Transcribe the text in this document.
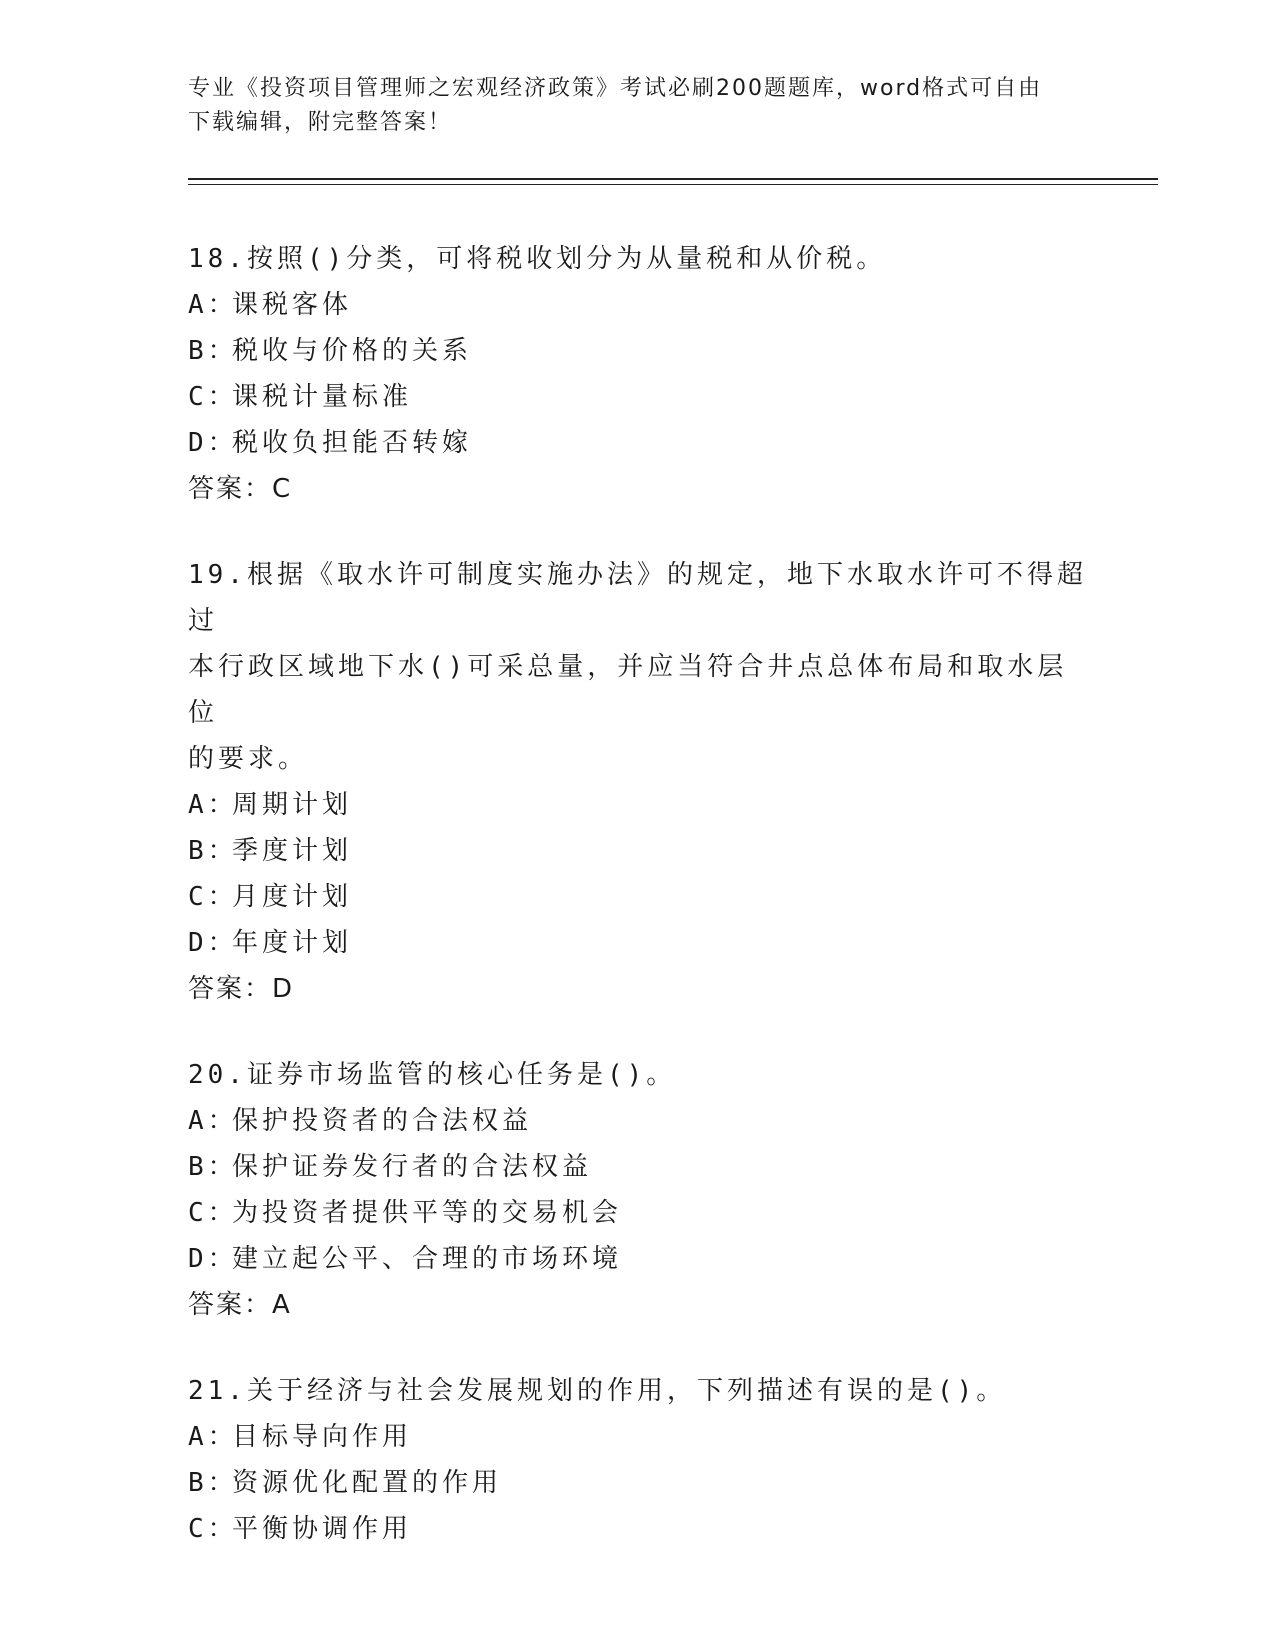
专业《投资项目管理师之宏观经济政策》考试必刷200题题库，word格式可自由
下载编辑，附完整答案！
18.按照()分类，可将税收划分为从量税和从价税。
A：
课税客体
B：
税收与价格的关系
C：
课税计量标准
D：
税收负担能否转嫁
答案：C
19.根据《取水许可制度实施办法》的规定，地下水取水许可不得超过
本行政区域地下水()可采总量，并应当符合井点总体布局和取水层位
的要求。
A：
周期计划
B：
季度计划
C：
月度计划
D：
年度计划
答案：D
20.证券市场监管的核心任务是()。
A：
保护投资者的合法权益
B：
保护证券发行者的合法权益
C：
为投资者提供平等的交易机会
D：
建立起公平、合理的市场环境
答案：A
21.关于经济与社会发展规划的作用，下列描述有误的是()。
A：
目标导向作用
B：
资源优化配置的作用
C：
平衡协调作用
